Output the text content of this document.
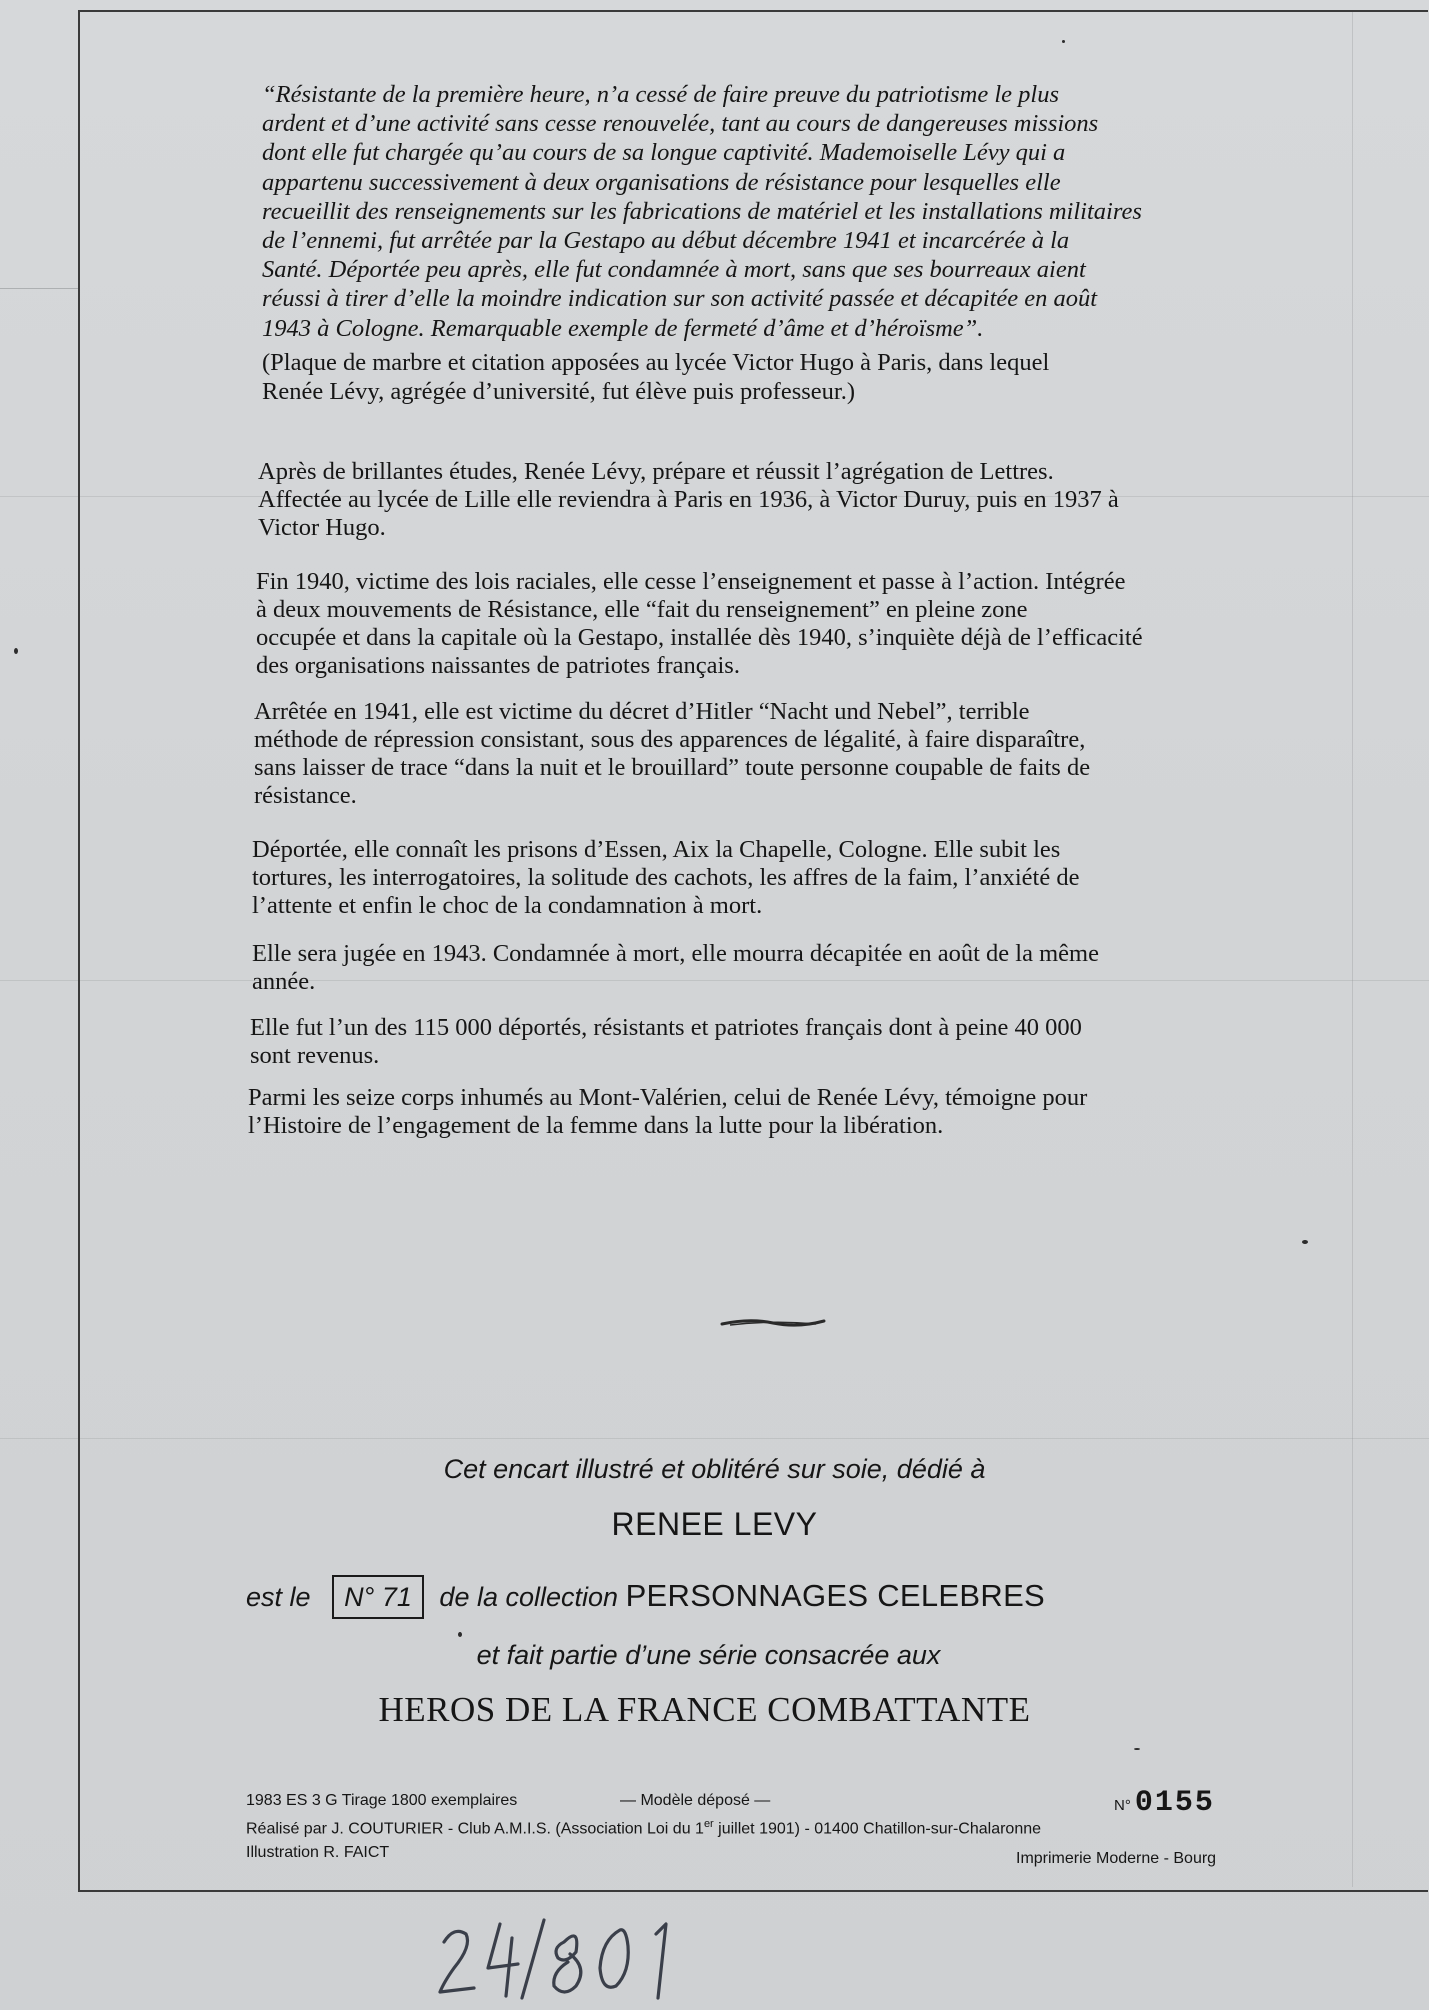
“Résistante de la première heure, n’a cessé de faire preuve du patriotisme le plus
ardent et d’une activité sans cesse renouvelée, tant au cours de dangereuses missions
dont elle fut chargée qu’au cours de sa longue captivité. Mademoiselle Lévy qui a
appartenu successivement à deux organisations de résistance pour lesquelles elle
recueillit des renseignements sur les fabrications de matériel et les installations militaires
de l’ennemi, fut arrêtée par la Gestapo au début décembre 1941 et incarcérée à la
Santé. Déportée peu après, elle fut condamnée à mort, sans que ses bourreaux aient
réussi à tirer d’elle la moindre indication sur son activité passée et décapitée en août
1943 à Cologne. Remarquable exemple de fermeté d’âme et d’héroïsme”.
(Plaque de marbre et citation apposées au lycée Victor Hugo à Paris, dans lequel
Renée Lévy, agrégée d’université, fut élève puis professeur.)
Après de brillantes études, Renée Lévy, prépare et réussit l’agrégation de Lettres.
Affectée au lycée de Lille elle reviendra à Paris en 1936, à Victor Duruy, puis en 1937 à
Victor Hugo.
Fin 1940, victime des lois raciales, elle cesse l’enseignement et passe à l’action. Intégrée
à deux mouvements de Résistance, elle “fait du renseignement” en pleine zone
occupée et dans la capitale où la Gestapo, installée dès 1940, s’inquiète déjà de l’efficacité
des organisations naissantes de patriotes français.
Arrêtée en 1941, elle est victime du décret d’Hitler “Nacht und Nebel”, terrible
méthode de répression consistant, sous des apparences de légalité, à faire disparaître,
sans laisser de trace “dans la nuit et le brouillard” toute personne coupable de faits de
résistance.
Déportée, elle connaît les prisons d’Essen, Aix la Chapelle, Cologne. Elle subit les
tortures, les interrogatoires, la solitude des cachots, les affres de la faim, l’anxiété de
l’attente et enfin le choc de la condamnation à mort.
Elle sera jugée en 1943. Condamnée à mort, elle mourra décapitée en août de la même
année.
Elle fut l’un des 115 000 déportés, résistants et patriotes français dont à peine 40 000
sont revenus.
Parmi les seize corps inhumés au Mont-Valérien, celui de Renée Lévy, témoigne pour
l’Histoire de l’engagement de la femme dans la lutte pour la libération.
Cet encart illustré et oblitéré sur soie, dédié à
RENEE LEVY
est le N° 71 de la collection PERSONNAGES CELEBRES
et fait partie d’une série consacrée aux
HEROS DE LA FRANCE COMBATTANTE
1983 ES 3 G Tirage 1800 exemplaires	— Modèle déposé —	N° 0155
Réalisé par J. COUTURIER - Club A.M.I.S. (Association Loi du 1er juillet 1901) - 01400 Chatillon-sur-Chalaronne
Illustration R. FAICT	Imprimerie Moderne - Bourg
